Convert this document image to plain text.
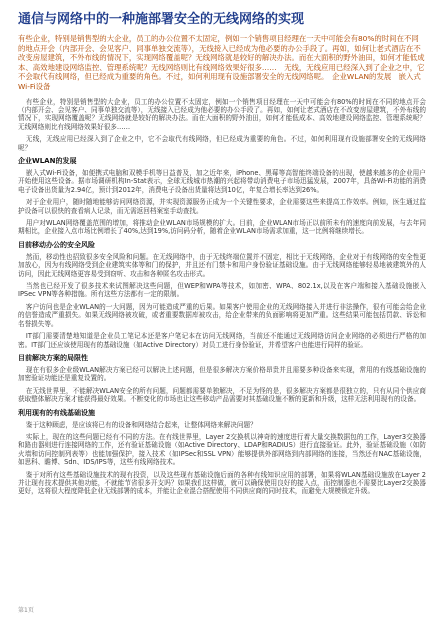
通信与网络中的一种施部署安全的无线网络的实现

有些企业，特别是销售型的大企业，员工的办公位置不太固定，例如一个销售项目经理在一天中可能会有80%的时间在不同的地点开会（内部开会、会见客户、同事单独交流等），无线接入已经成为他必要的办公手段了。再如，如何让老式酒店在不改变房屋建筑，不外布线的情况下，实现网络覆盖呢？无线网络就是较好的解决办法。而在大面积的野外油田，如何才能低成本、高效地建设网络监控、管理系统呢？无线网络则比有线网络效果好很多……　无线，无线应用已经深入到了企业之中，它不会取代有线网络，但已经成为重要的角色。不过，如何利用现有设施部署安全的无线网络呢。　企业WLAN的发展　嵌入式Wi-Fi设备

有些企业，特别是销售型的大企业，员工的办公位置不太固定，例如一个销售项目经理在一天中可能会有80%的时间在不同的地点开会（内部开会、会见客户、同事单独交流等），无线接入已经成为他必要的办公手段了。再如，如何让老式酒店在不改变房屋建筑，不外布线的情况下，实现网络覆盖呢？无线网络就是较好的解决办法。而在大面积的野外油田，如何才能低成本、高效地建设网络监控、管理系统呢？无线网络则比有线网络效果好很多……

无线，无线应用已经深入到了企业之中，它不会取代有线网络，但已经成为重要的角色。不过，如何利用现有设施部署安全的无线网络呢？

企业WLAN的发展

嵌入式Wi-Fi设备，如便携式电脑和双模手机等日益普及，加之近年来，iPhone、黑莓等高智能终端设备的出现，使越来越多的企业用户开始使用这些设备。据市场调研机构In-Stat表示，全球无线城市热潮的兴起将带动消费电子市场迅猛发展，2007年，具备Wi-Fi功能的消费电子设备出货量为2.94亿，预计到2012年，消费电子设备出货量将达到10亿，年复合增长率达到26%。

对于企业用户，随时随地能够访问网络资源，并实现资源服务正成为一个关键性要求，企业需要这些来提高工作效率。例如，医生通过监护设备可以很快的查看病人记录，而无需返回档案室手动查找。

用户对WLAN网络覆盖范围的增加，将推动企业WLAN市场规模的扩大。目前，企业WLAN市场正以前所未有的速度向前发展，与去年同期相比，企业接入点市场比例增长了40%,达到19%,访问码分析，随着企业WLAN市场需求加重，这一比例将继续增长。

目前移动办公的安全风险

然而，移动性也招致很多安全风险和问题。在无线网络中，由于无线终端位置并不固定，相比于无线网络，企业对于有线网络的安全性更加放心，因为有线网络受到企业建筑实体等和门的保护，并且还有门禁卡和用户身份验证基础设施。由于无线网络能够轻易地被建筑外的人访问，因此无线网络更容易受到窃听、攻击和各种匿名攻击形式。

当然也已经开发了很多技术来试图解决这些问题，但WEP和WPA等技术，如加密、WPA、802.1x,以及在客户端和接入基础设施嵌入IPSec VPN等各种措施。所有这些方法都有一定的限制。

客户访问也是企业WLAN的一大问题，因为可能造成严重的后果。如果客户使用企业的无线网络接入并进行非法操作，很有可能会给企业的信誉造成严重损失。如果无线网络被攻破，或者重要数据库被攻击，给企业带来的负面影响将更加严重。这些结果可能包括罚款、诉讼和名誉损失等。

IT部门需要清楚地知道是企业员工笔记本还是客户笔记本在访问无线网络，当前还不能通过无线网络访问企业网络的必须进行严格的加密。IT部门还应该使用现有的基础设施（如Active Directory）对员工进行身份验证，并希望客户也能进行同样的验证。

目前解决方案的局限性

现在有很多企业级WLAN解决方案已经可以解决上述问题，但是很多解决方案价格昂贵并且需要多种设备来实现，常用的有线基础设施的加密验证功能还是重复设置的。

在无线世界里，不能解决WLAN安全的所有问题，问题都需要单独解决，不足为怪的是，很多解决方案都是很独立的，只有从同个供应商获取整体解决方案才能获得最好效果。不断变化的市场也让这些移动产品需要对其基础设施不断的更新和升级，这样无法利用现有的设备。

利用现有的有线基础设施

鉴于这种顾虑，是应该将已有的设备和网络结合起来，让整体网络来解决问题？

实际上，现在的这些问题已经有不同的方法。在有线世界里，Layer 2交换机以神奇的速度进行着大量交换数据包的工作，Layer3交换器和路由器则进行连接网络的工作，还有验证基础设施（如Active Directory、LDAP和RADIUS）进行直接验证。此外，验证基础设施（如防火墙和访问控制列表等）也能加强保护，接入技术（如IPSec和SSL VPN）能够提供外部网络到内部网络的连接，当然还有NAC基础设施，如思科、瞻博、Sdn、IDS/IPS等，这些有线网络技术。

鉴于对所有这些基础设施技术的现有投资，以及这些现有基础设施后面的各种有线知识应用的部署，如果将WLAN基础设施放在Layer 2并让现有技术提供其他功能，不就能节省很多开支吗？如果我们这样做，就可以确保使用良好的接入点，而控制器也不需要比Layer2交换器更好，这将很大程度降低企业无线部署的成本，并能让企业混合搭配使用不同供应商的同时技术，而避免大规模锁定升级。

第1页
